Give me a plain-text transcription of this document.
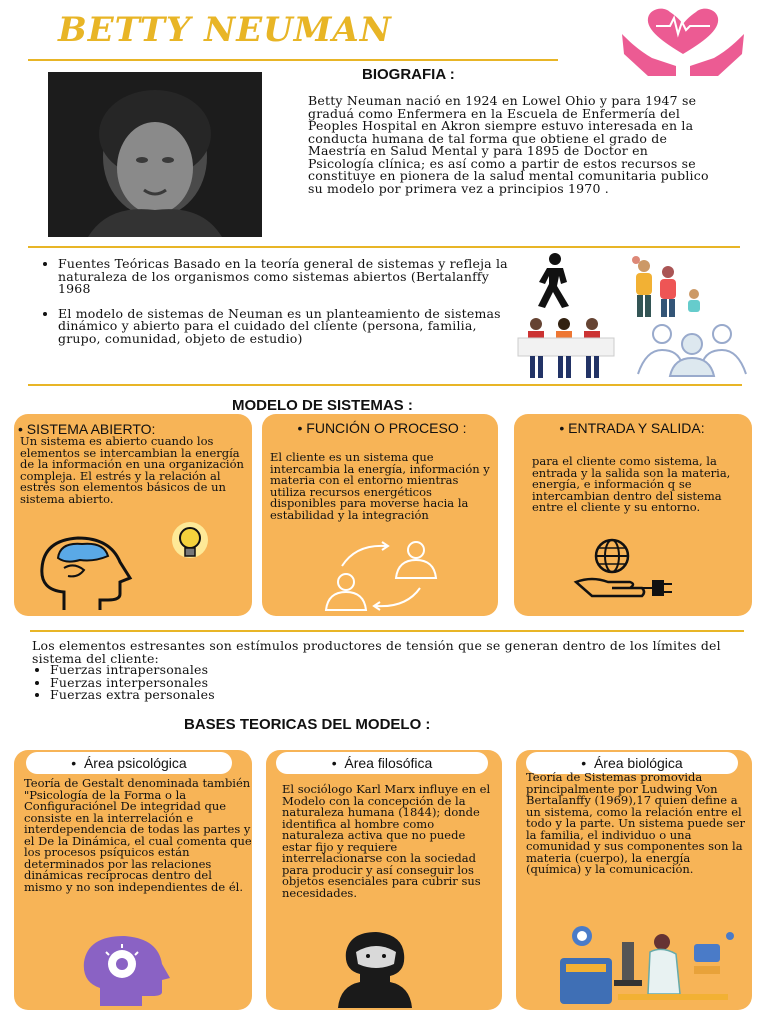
BETTY NEUMAN
BIOGRAFIA :
Betty Neuman nació en 1924 en Lowel Ohio y para 1947 se graduá como Enfermera en la Escuela de Enfermería del Peoples Hospital en Akron siempre estuvo interesada en la conducta humana de tal forma que obtiene el grado de Maestría en Salud Mental y para 1895 de Doctor en Psicología clínica; es así como a partir de estos recursos se constituye en pionera de la salud mental comunitaria publico su modelo por primera vez a principios 1970 .
• Fuentes Teóricas Basado en la teoría general de sistemas y refleja la naturaleza de los organismos como sistemas abiertos (Bertalanffy 1968
• El modelo de sistemas de Neuman es un planteamiento de sistemas dinámico y abierto para el cuidado del cliente (persona, familia, grupo, comunidad, objeto de estudio)
MODELO DE SISTEMAS :
• SISTEMA ABIERTO:
Un sistema es abierto cuando los elementos se intercambian la energía de la información en una organización compleja. El estrés y la relación al estrés son elementos básicos de un sistema abierto.
• FUNCIÓN O PROCESO :
El cliente es un sistema que intercambia la energía, información y materia con el entorno mientras utiliza recursos energéticos disponibles para moverse hacia la estabilidad y la integración
• ENTRADA Y SALIDA:
para el cliente como sistema, la entrada y la salida son la materia, energía, e información q se intercambian dentro del sistema entre el cliente y su entorno.
Los elementos estresantes son estímulos productores de tensión que se generan dentro de los límites del sistema del cliente:
• Fuerzas intrapersonales
• Fuerzas interpersonales
• Fuerzas extra personales
BASES TEORICAS DEL MODELO :
•  Área psicológica
Teoría de Gestalt denominada también "Psicología de la Forma o la Configuraciónel De integridad que consiste en la interrelación e interdependencia de todas las partes y el De la Dinámica, el cual comenta que los procesos psíquicos están determinados por las relaciones dinámicas recíprocas dentro del mismo y no son independientes de él.
•  Área filosófica
El sociólogo Karl Marx influye en el Modelo con la concepción de la naturaleza humana (1844); donde identifica al hombre como naturaleza activa que no puede estar fijo y requiere interrelacionarse con la sociedad para producir y así conseguir los objetos esenciales para cubrir sus necesidades.
•  Área biológica
Teoría de Sistemas promovida principalmente por Ludwing Von Bertalanffy (1969),17 quien define a un sistema, como la relación entre el todo y la parte. Un sistema puede ser la familia, el individuo o una comunidad y sus componentes son la materia (cuerpo), la energía (química) y la comunicación.
